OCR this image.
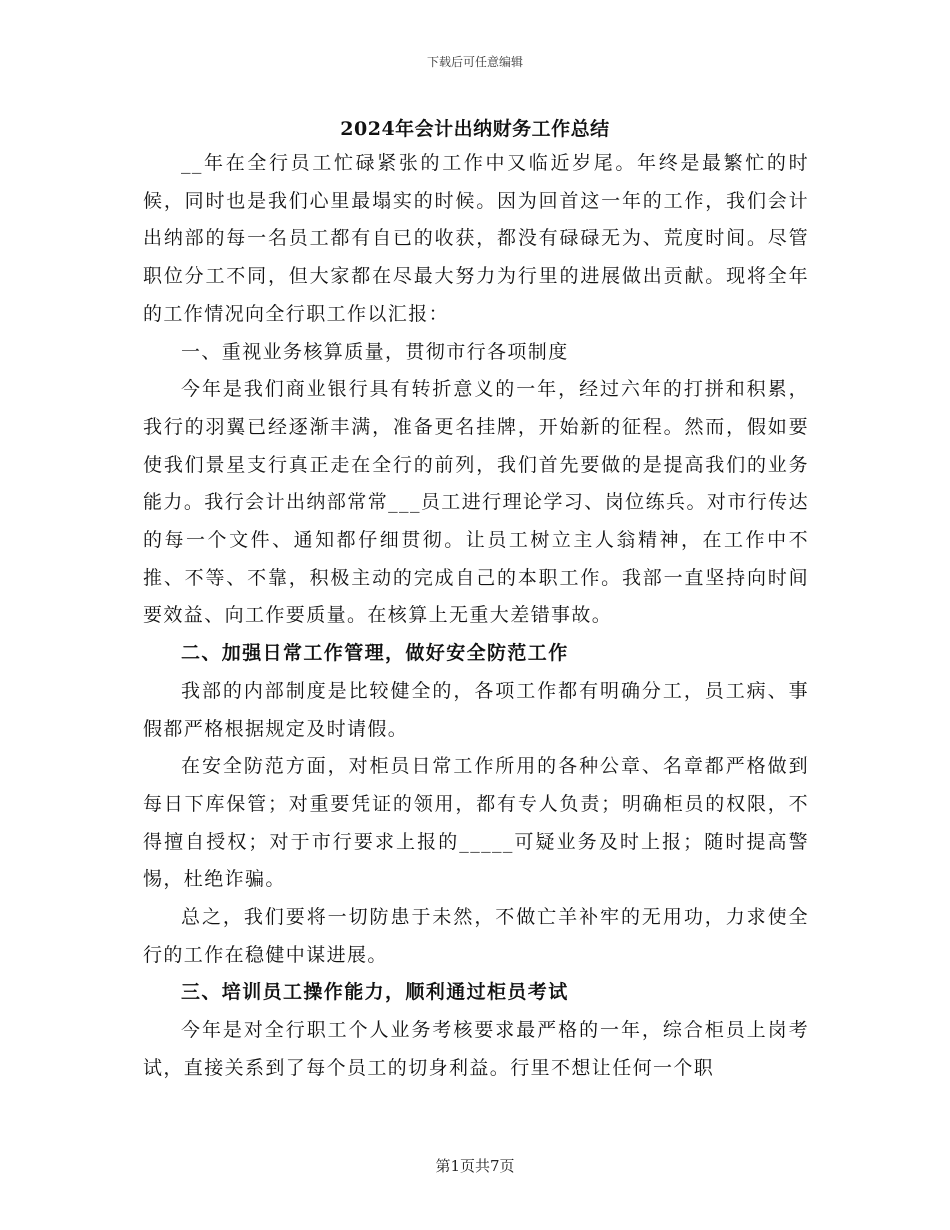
下载后可任意编辑
2024年会计出纳财务工作总结

__年在全行员工忙碌紧张的工作中又临近岁尾。年终是最繁忙的时候，同时也是我们心里最塌实的时候。因为回首这一年的工作，我们会计出纳部的每一名员工都有自已的收获，都没有碌碌无为、荒度时间。尽管职位分工不同，但大家都在尽最大努力为行里的进展做出贡献。现将全年的工作情况向全行职工作以汇报：

一、重视业务核算质量，贯彻市行各项制度

今年是我们商业银行具有转折意义的一年，经过六年的打拼和积累，我行的羽翼已经逐渐丰满，准备更名挂牌，开始新的征程。然而，假如要使我们景星支行真正走在全行的前列，我们首先要做的是提高我们的业务能力。我行会计出纳部常常___员工进行理论学习、岗位练兵。对市行传达的每一个文件、通知都仔细贯彻。让员工树立主人翁精神，在工作中不推、不等、不靠，积极主动的完成自己的本职工作。我部一直坚持向时间要效益、向工作要质量。在核算上无重大差错事故。

二、加强日常工作管理，做好安全防范工作

我部的内部制度是比较健全的，各项工作都有明确分工，员工病、事假都严格根据规定及时请假。

在安全防范方面，对柜员日常工作所用的各种公章、名章都严格做到每日下库保管；对重要凭证的领用，都有专人负责；明确柜员的权限，不得擅自授权；对于市行要求上报的_____可疑业务及时上报；随时提高警惕，杜绝诈骗。

总之，我们要将一切防患于未然，不做亡羊补牢的无用功，力求使全行的工作在稳健中谋进展。

三、培训员工操作能力，顺利通过柜员考试

今年是对全行职工个人业务考核要求最严格的一年，综合柜员上岗考试，直接关系到了每个员工的切身利益。行里不想让任何一个职

第1页共7页
